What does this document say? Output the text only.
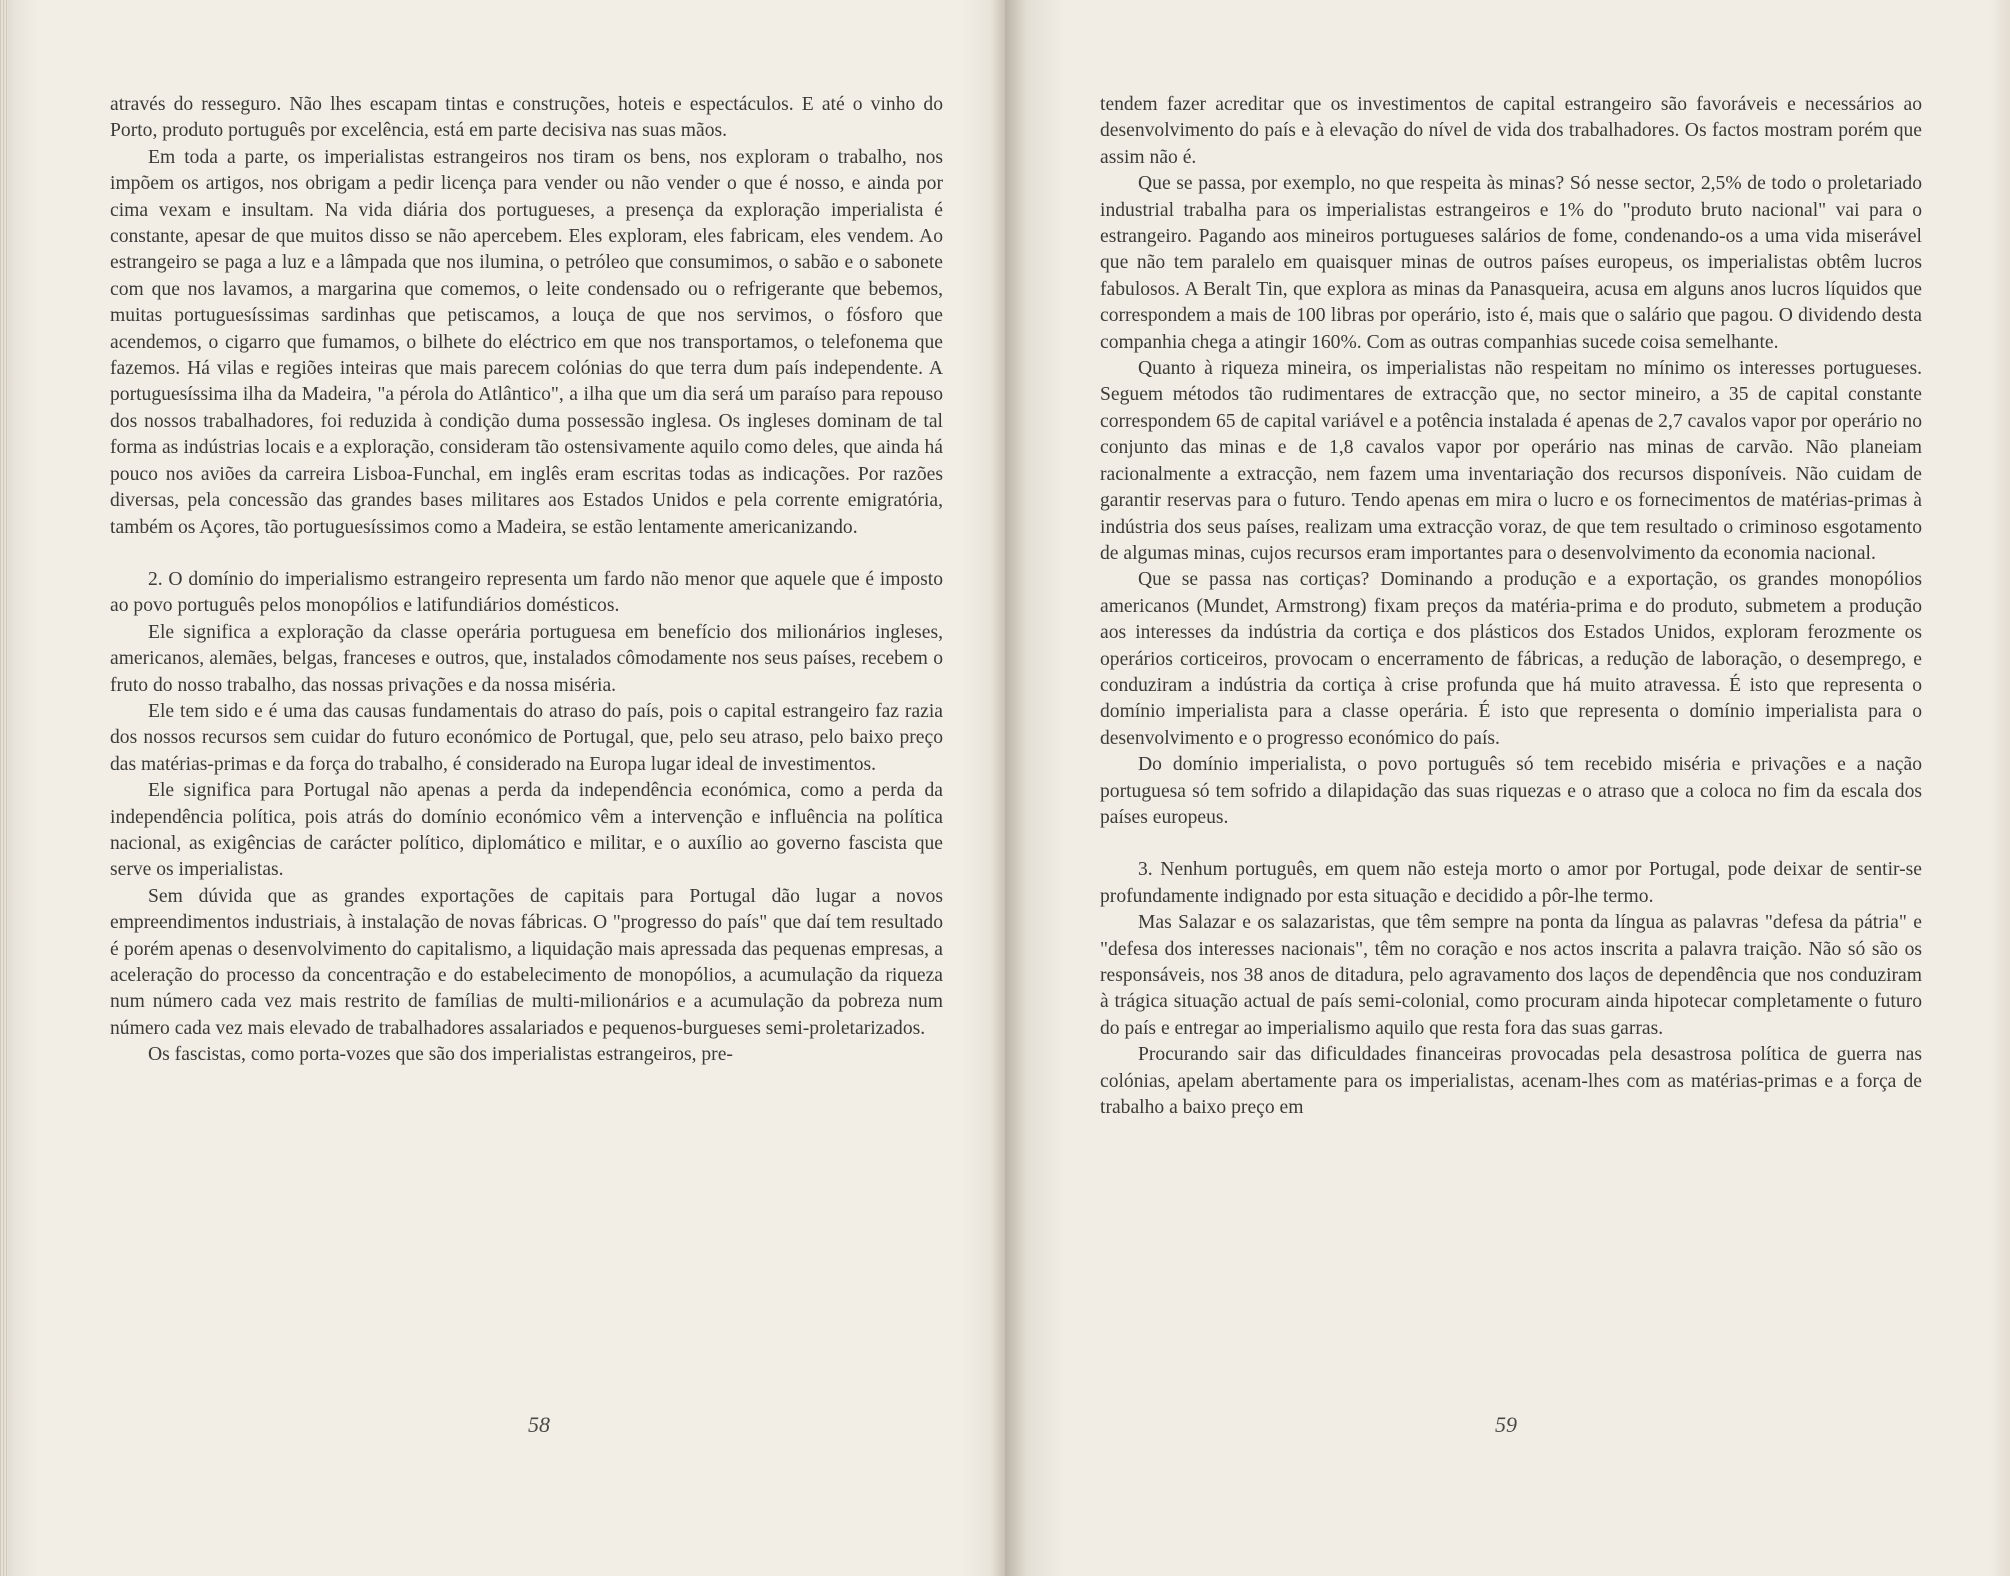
através do resseguro. Não lhes escapam tintas e construções, hoteis e espectáculos. E até o vinho do Porto, produto português por excelência, está em parte decisiva nas suas mãos.

Em toda a parte, os imperialistas estrangeiros nos tiram os bens, nos exploram o trabalho, nos impõem os artigos, nos obrigam a pedir licença para vender ou não vender o que é nosso, e ainda por cima vexam e insultam. Na vida diária dos portugueses, a presença da exploração imperialista é constante, apesar de que muitos disso se não apercebem. Eles exploram, eles fabricam, eles vendem. Ao estrangeiro se paga a luz e a lâmpada que nos ilumina, o petróleo que consumimos, o sabão e o sabonete com que nos lavamos, a margarina que comemos, o leite condensado ou o refrigerante que bebemos, muitas portuguesíssimas sardinhas que petiscamos, a louça de que nos servimos, o fósforo que acendemos, o cigarro que fumamos, o bilhete do eléctrico em que nos transportamos, o telefonema que fazemos. Há vilas e regiões inteiras que mais parecem colónias do que terra dum país independente. A portuguesíssima ilha da Madeira, "a pérola do Atlântico", a ilha que um dia será um paraíso para repouso dos nossos trabalhadores, foi reduzida à condição duma possessão inglesa. Os ingleses dominam de tal forma as indústrias locais e a exploração, consideram tão ostensivamente aquilo como deles, que ainda há pouco nos aviões da carreira Lisboa-Funchal, em inglês eram escritas todas as indicações. Por razões diversas, pela concessão das grandes bases militares aos Estados Unidos e pela corrente emigratória, também os Açores, tão portuguesíssimos como a Madeira, se estão lentamente americanizando.

2. O domínio do imperialismo estrangeiro representa um fardo não menor que aquele que é imposto ao povo português pelos monopólios e latifundiários domésticos.

Ele significa a exploração da classe operária portuguesa em benefício dos milionários ingleses, americanos, alemães, belgas, franceses e outros, que, instalados cômodamente nos seus países, recebem o fruto do nosso trabalho, das nossas privações e da nossa miséria.

Ele tem sido e é uma das causas fundamentais do atraso do país, pois o capital estrangeiro faz razia dos nossos recursos sem cuidar do futuro económico de Portugal, que, pelo seu atraso, pelo baixo preço das matérias-primas e da força do trabalho, é considerado na Europa lugar ideal de investimentos.

Ele significa para Portugal não apenas a perda da independência económica, como a perda da independência política, pois atrás do domínio económico vêm a intervenção e influência na política nacional, as exigências de carácter político, diplomático e militar, e o auxílio ao governo fascista que serve os imperialistas.

Sem dúvida que as grandes exportações de capitais para Portugal dão lugar a novos empreendimentos industriais, à instalação de novas fábricas. O "progresso do país" que daí tem resultado é porém apenas o desenvolvimento do capitalismo, a liquidação mais apressada das pequenas empresas, a aceleração do processo da concentração e do estabelecimento de monopólios, a acumulação da riqueza num número cada vez mais restrito de famílias de multi-milionários e a acumulação da pobreza num número cada vez mais elevado de trabalhadores assalariados e pequenos-burgueses semi-proletarizados.

Os fascistas, como porta-vozes que são dos imperialistas estrangeiros, pre-

58

tendem fazer acreditar que os investimentos de capital estrangeiro são favoráveis e necessários ao desenvolvimento do país e à elevação do nível de vida dos trabalhadores. Os factos mostram porém que assim não é.

Que se passa, por exemplo, no que respeita às minas? Só nesse sector, 2,5% de todo o proletariado industrial trabalha para os imperialistas estrangeiros e 1% do "produto bruto nacional" vai para o estrangeiro. Pagando aos mineiros portugueses salários de fome, condenando-os a uma vida miserável que não tem paralelo em quaisquer minas de outros países europeus, os imperialistas obtêm lucros fabulosos. A Beralt Tin, que explora as minas da Panasqueira, acusa em alguns anos lucros líquidos que correspondem a mais de 100 libras por operário, isto é, mais que o salário que pagou. O dividendo desta companhia chega a atingir 160%. Com as outras companhias sucede coisa semelhante.

Quanto à riqueza mineira, os imperialistas não respeitam no mínimo os interesses portugueses. Seguem métodos tão rudimentares de extracção que, no sector mineiro, a 35 de capital constante correspondem 65 de capital variável e a potência instalada é apenas de 2,7 cavalos vapor por operário no conjunto das minas e de 1,8 cavalos vapor por operário nas minas de carvão. Não planeiam racionalmente a extracção, nem fazem uma inventariação dos recursos disponíveis. Não cuidam de garantir reservas para o futuro. Tendo apenas em mira o lucro e os fornecimentos de matérias-primas à indústria dos seus países, realizam uma extracção voraz, de que tem resultado o criminoso esgotamento de algumas minas, cujos recursos eram importantes para o desenvolvimento da economia nacional.

Que se passa nas cortiças? Dominando a produção e a exportação, os grandes monopólios americanos (Mundet, Armstrong) fixam preços da matéria-prima e do produto, submetem a produção aos interesses da indústria da cortiça e dos plásticos dos Estados Unidos, exploram ferozmente os operários corticeiros, provocam o encerramento de fábricas, a redução de laboração, o desemprego, e conduziram a indústria da cortiça à crise profunda que há muito atravessa. É isto que representa o domínio imperialista para a classe operária. É isto que representa o domínio imperialista para o desenvolvimento e o progresso económico do país.

Do domínio imperialista, o povo português só tem recebido miséria e privações e a nação portuguesa só tem sofrido a dilapidação das suas riquezas e o atraso que a coloca no fim da escala dos países europeus.

3. Nenhum português, em quem não esteja morto o amor por Portugal, pode deixar de sentir-se profundamente indignado por esta situação e decidido a pôr-lhe termo.

Mas Salazar e os salazaristas, que têm sempre na ponta da língua as palavras "defesa da pátria" e "defesa dos interesses nacionais", têm no coração e nos actos inscrita a palavra traição. Não só são os responsáveis, nos 38 anos de ditadura, pelo agravamento dos laços de dependência que nos conduziram à trágica situação actual de país semi-colonial, como procuram ainda hipotecar completamente o futuro do país e entregar ao imperialismo aquilo que resta fora das suas garras.

Procurando sair das dificuldades financeiras provocadas pela desastrosa política de guerra nas colónias, apelam abertamente para os imperialistas, acenam-lhes com as matérias-primas e a força de trabalho a baixo preço em

59
